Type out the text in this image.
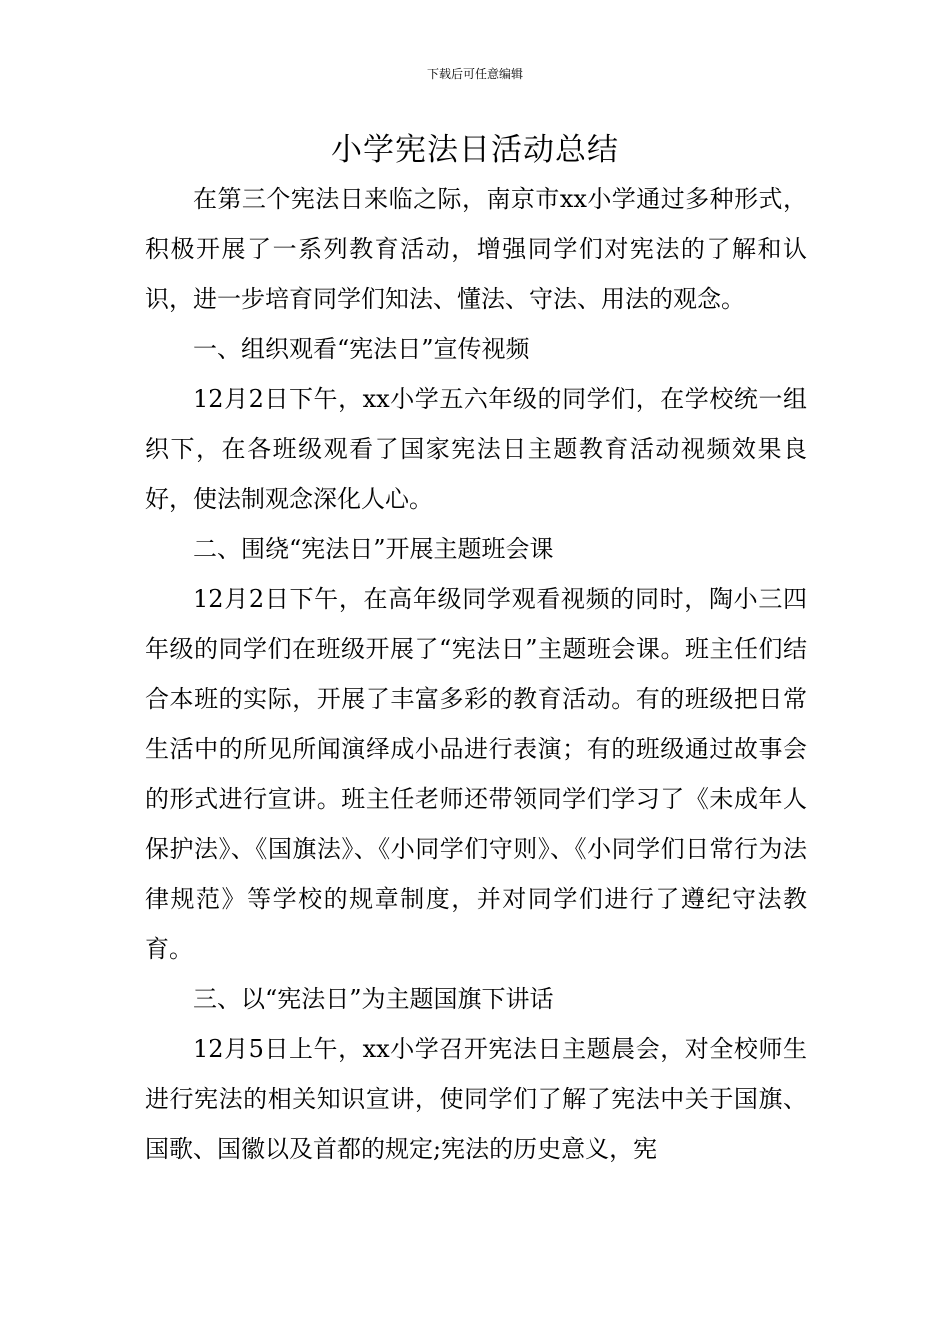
下载后可任意编辑
小学宪法日活动总结

在第三个宪法日来临之际，南京市xx小学通过多种形式，积极开展了一系列教育活动，增强同学们对宪法的了解和认识，进一步培育同学们知法、懂法、守法、用法的观念。

一、组织观看“宪法日”宣传视频

12月2日下午，xx小学五六年级的同学们，在学校统一组织下，在各班级观看了国家宪法日主题教育活动视频效果良好，使法制观念深化人心。

二、围绕“宪法日”开展主题班会课

12月2日下午，在高年级同学观看视频的同时，陶小三四年级的同学们在班级开展了“宪法日”主题班会课。班主任们结合本班的实际，开展了丰富多彩的教育活动。有的班级把日常生活中的所见所闻演绎成小品进行表演；有的班级通过故事会的形式进行宣讲。班主任老师还带领同学们学习了《未成年人保护法》、《国旗法》、《小同学们守则》、《小同学们日常行为法律规范》等学校的规章制度，并对同学们进行了遵纪守法教育。

三、以“宪法日”为主题国旗下讲话

12月5日上午，xx小学召开宪法日主题晨会，对全校师生进行宪法的相关知识宣讲，使同学们了解了宪法中关于国旗、国歌、国徽以及首都的规定;宪法的历史意义，宪
